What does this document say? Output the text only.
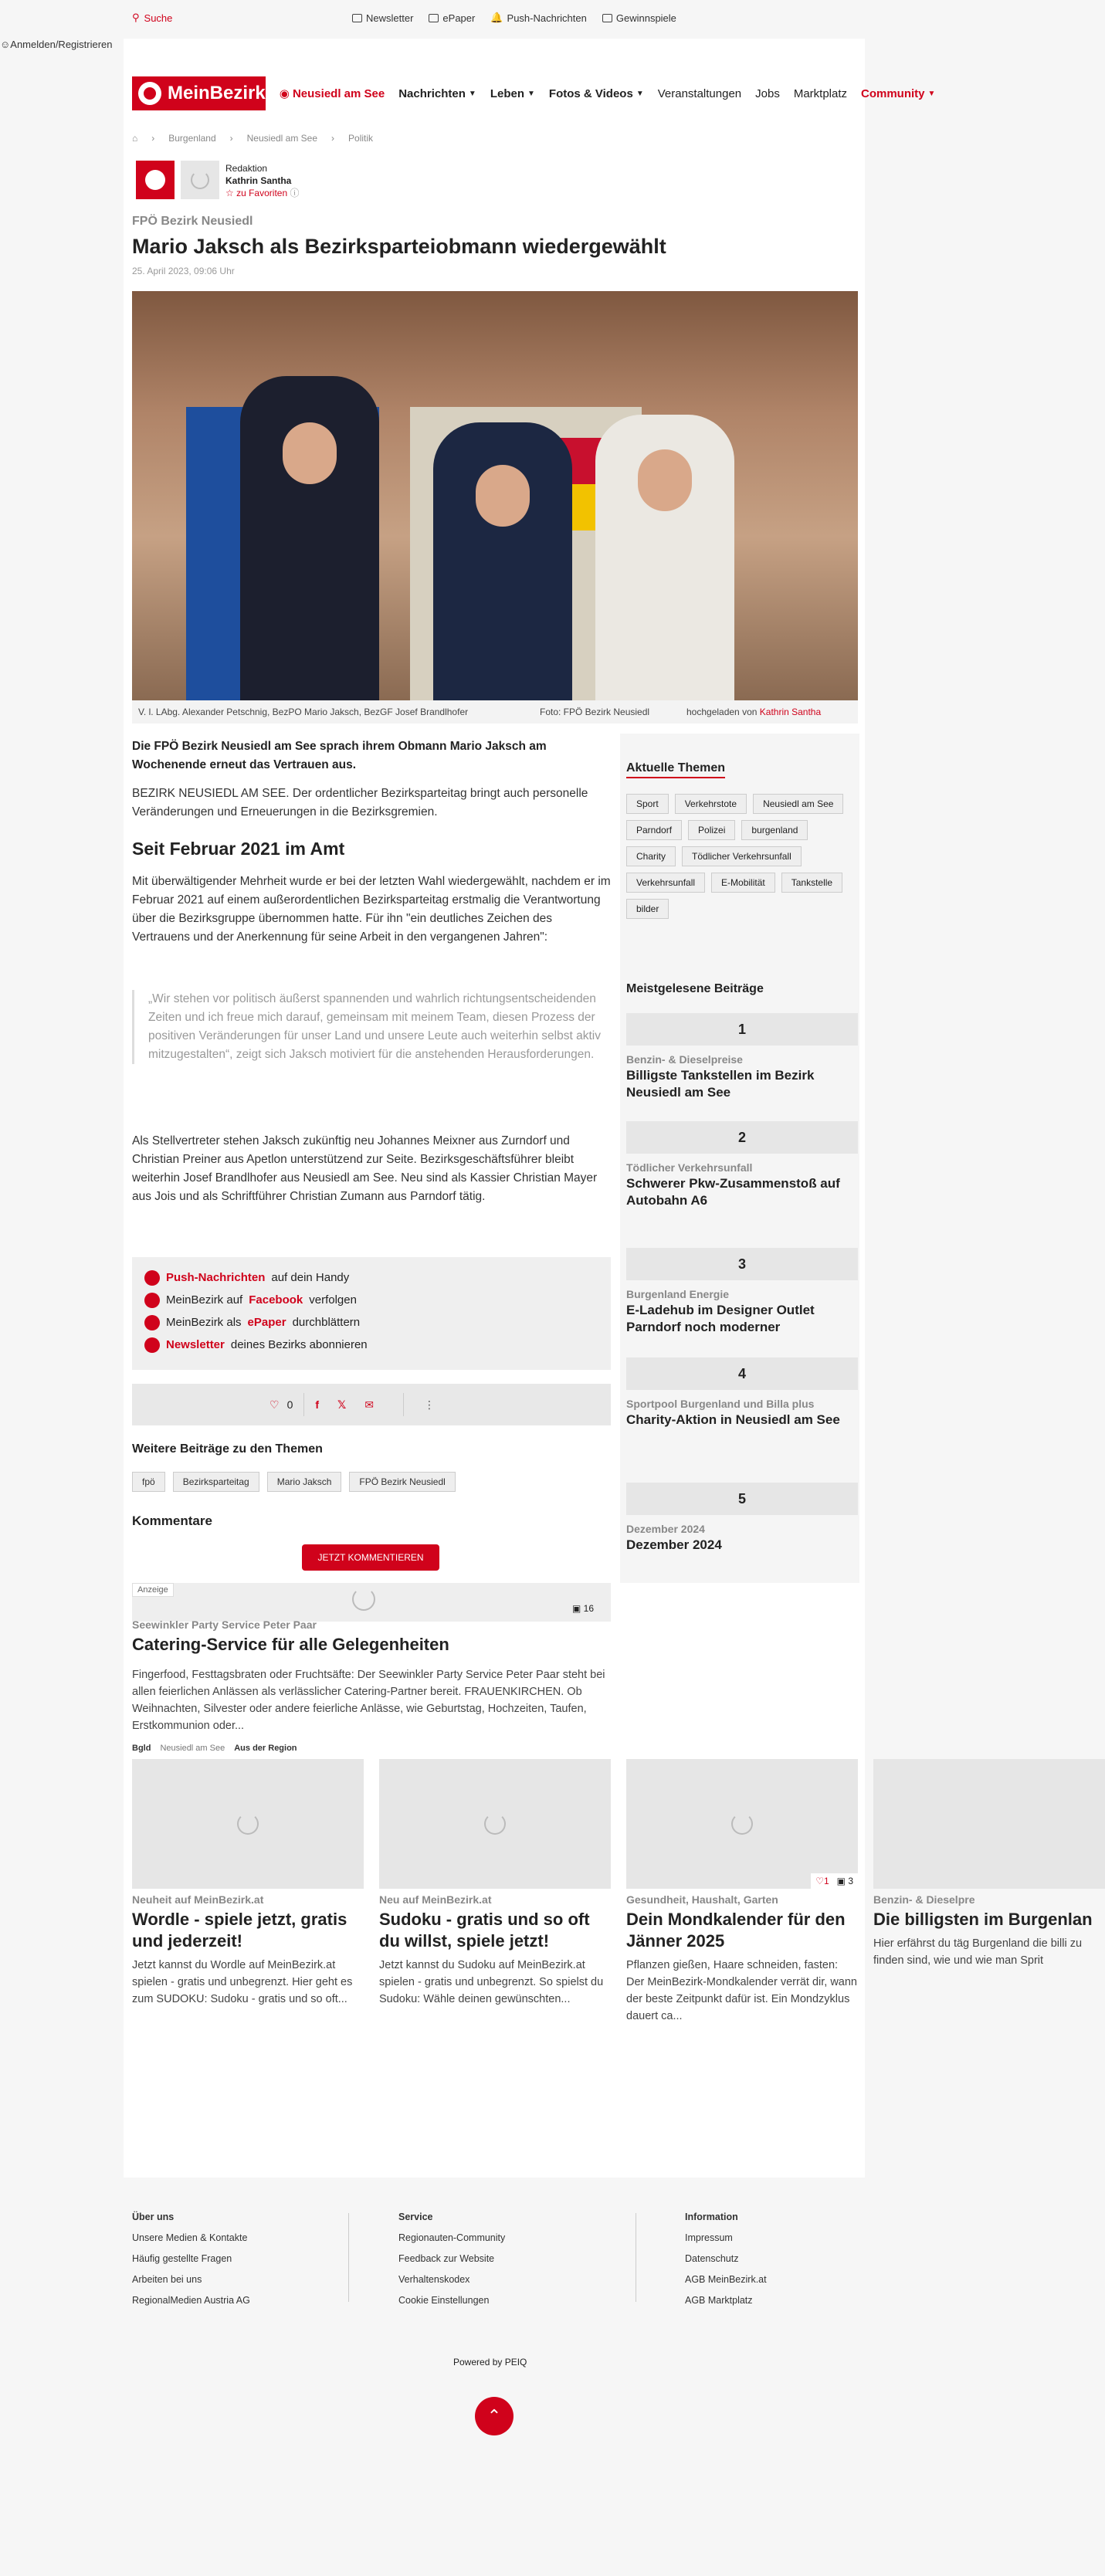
⚲ Suche	Newsletter	ePaper 🔔 Push-Nachrichten	Gewinnspiele
☺Anmelden/Registrieren
MeinBezirk ◉ Neusiedl am See Nachrichten ▼ Leben ▼ Fotos & Videos ▼ Veranstaltungen Jobs Marktplatz Community ▼
⌂ › Burgenland › Neusiedl am See › Politik
Redaktion
Kathrin Santha
☆ zu Favoriten ⓘ
FPÖ Bezirk Neusiedl
Mario Jaksch als Bezirksparteiobmann wiedergewählt
25. April 2023, 09:06 Uhr
V. l. LAbg. Alexander Petschnig, BezPO Mario Jaksch, BezGF Josef Brandlhofer	Foto: FPÖ Bezirk Neusiedl	hochgeladen von Kathrin Santha

Die FPÖ Bezirk Neusiedl am See sprach ihrem Obmann Mario Jaksch am Wochenende erneut das Vertrauen aus.

BEZIRK NEUSIEDL AM SEE. Der ordentlicher Bezirksparteitag bringt auch personelle Veränderungen und Erneuerungen in die Bezirksgremien.

Seit Februar 2021 im Amt

Mit überwältigender Mehrheit wurde er bei der letzten Wahl wiedergewählt, nachdem er im Februar 2021 auf einem außerordentlichen Bezirksparteitag erstmalig die Verantwortung über die Bezirksgruppe übernommen hatte. Für ihn "ein deutliches Zeichen des Vertrauens und der Anerkennung für seine Arbeit in den vergangenen Jahren":

„Wir stehen vor politisch äußerst spannenden und wahrlich richtungsentscheidenden Zeiten und ich freue mich darauf, gemeinsam mit meinem Team, diesen Prozess der positiven Veränderungen für unser Land und unsere Leute auch weiterhin selbst aktiv mitzugestalten“, zeigt sich Jaksch motiviert für die anstehenden Herausforderungen.

Als Stellvertreter stehen Jaksch zukünftig neu Johannes Meixner aus Zurndorf und Christian Preiner aus Apetlon unterstützend zur Seite. Bezirksgeschäftsführer bleibt weiterhin Josef Brandlhofer aus Neusiedl am See. Neu sind als Kassier Christian Mayer aus Jois und als Schriftführer Christian Zumann aus Parndorf tätig.

Push-Nachrichten auf dein Handy
MeinBezirk auf Facebook verfolgen
MeinBezirk als ePaper durchblättern
Newsletter deines Bezirks abonnieren
♡ 0 f 𝕏 ✉	⋮
Weitere Beiträge zu den Themen
fpö	Bezirksparteitag	Mario Jaksch	FPÖ Bezirk Neusiedl
Kommentare
JETZT KOMMENTIEREN
Anzeige
▣ 16
Seewinkler Party Service Peter Paar
Catering-Service für alle Gelegenheiten
Fingerfood, Festtagsbraten oder Fruchtsäfte: Der Seewinkler Party Service Peter Paar steht bei allen feierlichen Anlässen als verlässlicher Catering-Partner bereit. FRAUENKIRCHEN. Ob Weihnachten, Silvester oder andere feierliche Anlässe, wie Geburtstag, Hochzeiten, Taufen, Erstkommunion oder...
Bgld Neusiedl am See Aus der Region
Neuheit auf MeinBezirk.at
Wordle - spiele jetzt, gratis und jederzeit!
Jetzt kannst du Wordle auf MeinBezirk.at spielen - gratis und unbegrenzt. Hier geht es zum SUDOKU: Sudoku - gratis und so oft...
Neu auf MeinBezirk.at
Sudoku - gratis und so oft du willst, spiele jetzt!
Jetzt kannst du Sudoku auf MeinBezirk.at spielen - gratis und unbegrenzt. So spielst du Sudoku: Wähle deinen gewünschten...
♡1 ▣ 3
Gesundheit, Haushalt, Garten
Dein Mondkalender für den Jänner 2025
Pflanzen gießen, Haare schneiden, fasten: Der MeinBezirk-Mondkalender verrät dir, wann der beste Zeitpunkt dafür ist. Ein Mondzyklus dauert ca...
Benzin- & Dieselpre
Die billigsten im Burgenlan
Hier erfährst du täg Burgenland die billi zu finden sind, wie und wie man Sprit
Aktuelle Themen
Sport	Verkehrstote	Neusiedl am See
Parndorf	Polizei	burgenland
Charity	Tödlicher Verkehrsunfall
Verkehrsunfall	E-Mobilität	Tankstelle
bilder
Meistgelesene Beiträge
1
Benzin- & Dieselpreise
Billigste Tankstellen im Bezirk Neusiedl am See
2
Tödlicher Verkehrsunfall
Schwerer Pkw-Zusammenstoß auf Autobahn A6
3
Burgenland Energie
E-Ladehub im Designer Outlet Parndorf noch moderner
4
Sportpool Burgenland und Billa plus
Charity-Aktion in Neusiedl am See
5
Dezember 2024
Dezember 2024
Über uns
Unsere Medien & Kontakte
Häufig gestellte Fragen
Arbeiten bei uns
RegionalMedien Austria AG
Service
Regionauten-Community
Feedback zur Website
Verhaltenskodex
Cookie Einstellungen
Information
Impressum
Datenschutz
AGB MeinBezirk.at
AGB Marktplatz
Powered by PEIQ
⌃
